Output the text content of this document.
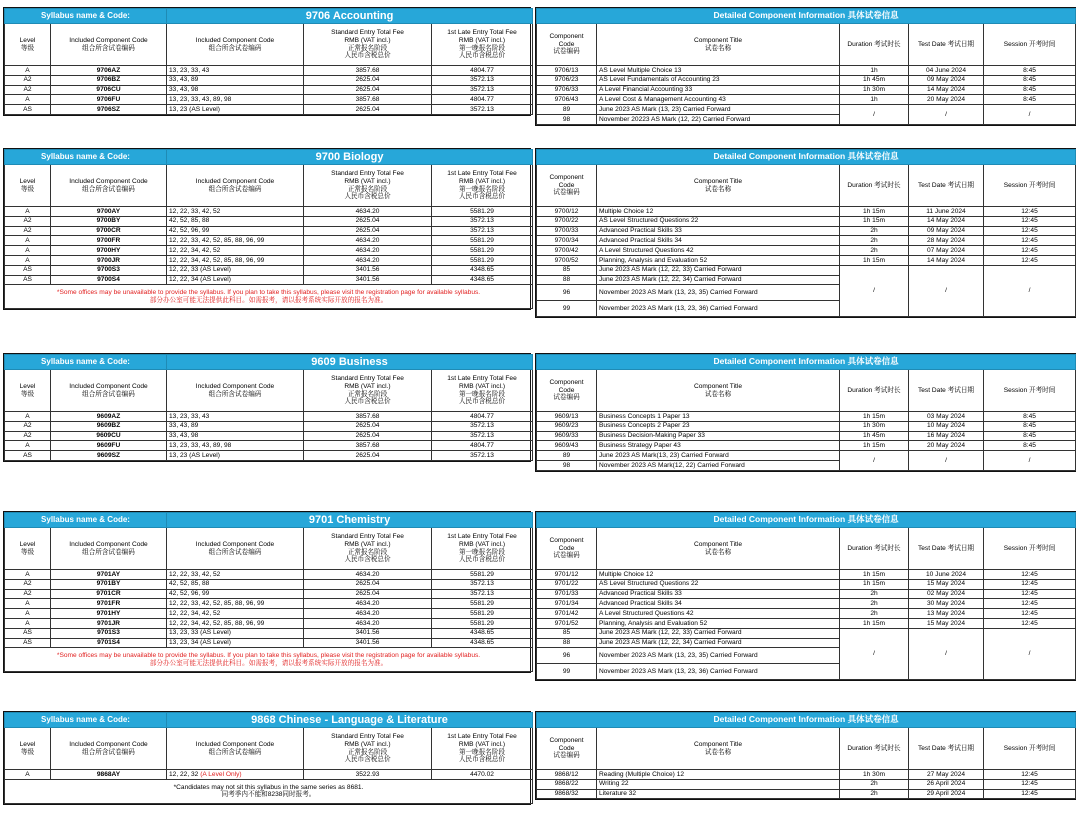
Syllabus name & Code:		9706 Accounting		
Level
等级	Included Component Code
组合所含试卷编码	Included Component Code
组合所含试卷编码	Standard Entry Total Fee
RMB (VAT incl.)
正常报名阶段
人民币含税总价	1st Late Entry Total Fee
RMB (VAT incl.)
第一晚报名阶段
人民币含税总价
A	9706AZ	13, 23, 33, 43	3857.68	4804.77
A2	9706BZ	33, 43, 89	2625.04	3572.13
A2	9706CU	33, 43, 98	2625.04	3572.13
A	9706FU	13, 23, 33, 43, 89, 98	3857.68	4804.77
AS	9706SZ	13, 23 (AS Level)	2625.04	3572.13
Detailed Component Information 具体试卷信息				
Component
Code
试卷编码	Component Title
试卷名称	Duration 考试时长	Test Date 考试日期	Session 开考时间
9706/13	AS Level Multiple Choice 13	1h	04 June 2024	8:45
9706/23	AS Level Fundamentals of Accounting 23	1h 45m	09 May 2024	8:45
9706/33	A Level Financial Accounting 33	1h 30m	14 May 2024	8:45
9706/43	A Level Cost & Management Accounting 43	1h	20 May 2024	8:45
89	June 2023 AS Mark (13, 23) Carried Forward	/	/	/
98	November 20223 AS Mark (12, 22) Carried Forward			
Syllabus name & Code:		9700 Biology		
Level
等级	Included Component Code
组合所含试卷编码	Included Component Code
组合所含试卷编码	Standard Entry Total Fee
RMB (VAT incl.)
正常报名阶段
人民币含税总价	1st Late Entry Total Fee
RMB (VAT incl.)
第一晚报名阶段
人民币含税总价
A	9700AY	12, 22, 33, 42, 52	4634.20	5581.29
A2	9700BY	42, 52, 85, 88	2625.04	3572.13
A2	9700CR	42, 52, 96, 99	2625.04	3572.13
A	9700FR	12, 22, 33, 42, 52, 85, 88, 96, 99	4634.20	5581.29
A	9700HY	12, 22, 34, 42, 52	4634.20	5581.29
A	9700JR	12, 22, 34, 42, 52, 85, 88, 96, 99	4634.20	5581.29
AS	9700S3	12, 22, 33 (AS Level)	3401.56	4348.65
AS	9700S4	12, 22, 34 (AS Level)	3401.56	4348.65
*Some offices may be unavailable to provide the syllabus. If you plan to take this syllabus, please visit the registration page for available syllabus.
部分办公室可能无法提供此科目。如需报考，请以报考系统实际开放的报名为准。				
Detailed Component Information 具体试卷信息				
Component
Code
试卷编码	Component Title
试卷名称	Duration 考试时长	Test Date 考试日期	Session 开考时间
9700/12	Multiple Choice 12	1h 15m	11 June 2024	12:45
9700/22	AS Level Structured Questions 22	1h 15m	14 May 2024	12:45
9700/33	Advanced Practical Skills 33	2h	09 May 2024	12:45
9700/34	Advanced Practical Skills 34	2h	28 May 2024	12:45
9700/42	A Level Structured Questions 42	2h	07 May 2024	12:45
9700/52	Planning, Analysis and Evaluation 52	1h 15m	14 May 2024	12:45
85	June 2023 AS Mark (12, 22, 33) Carried Forward	/	/	/
88	June 2023 AS Mark (12, 22, 34) Carried Forward			
96	November 2023 AS Mark (13, 23, 35) Carried Forward			
99	November 2023 AS Mark (13, 23, 36) Carried Forward			
Syllabus name & Code:		9609 Business		
Level
等级	Included Component Code
组合所含试卷编码	Included Component Code
组合所含试卷编码	Standard Entry Total Fee
RMB (VAT incl.)
正常报名阶段
人民币含税总价	1st Late Entry Total Fee
RMB (VAT incl.)
第一晚报名阶段
人民币含税总价
A	9609AZ	13, 23, 33, 43	3857.68	4804.77
A2	9609BZ	33, 43, 89	2625.04	3572.13
A2	9609CU	33, 43, 98	2625.04	3572.13
A	9609FU	13, 23, 33, 43, 89, 98	3857.68	4804.77
AS	9609SZ	13, 23 (AS Level)	2625.04	3572.13
Detailed Component Information 具体试卷信息				
Component
Code
试卷编码	Component Title
试卷名称	Duration 考试时长	Test Date 考试日期	Session 开考时间
9609/13	Business Concepts 1 Paper 13	1h 15m	03 May 2024	8:45
9609/23	Business Concepts 2 Paper 23	1h 30m	10 May 2024	8:45
9609/33	Business Decision-Making Paper 33	1h 45m	16 May 2024	8:45
9609/43	Business Strategy Paper 43	1h 15m	20 May 2024	8:45
89	June 2023 AS Mark(13, 23) Carried Forward	/	/	/
98	November 2023 AS Mark(12, 22) Carried Forward			
Syllabus name & Code:		9701 Chemistry		
Level
等级	Included Component Code
组合所含试卷编码	Included Component Code
组合所含试卷编码	Standard Entry Total Fee
RMB (VAT incl.)
正常报名阶段
人民币含税总价	1st Late Entry Total Fee
RMB (VAT incl.)
第一晚报名阶段
人民币含税总价
A	9701AY	12, 22, 33, 42, 52	4634.20	5581.29
A2	9701BY	42, 52, 85, 88	2625.04	3572.13
A2	9701CR	42, 52, 96, 99	2625.04	3572.13
A	9701FR	12, 22, 33, 42, 52, 85, 88, 96, 99	4634.20	5581.29
A	9701HY	12, 22, 34, 42, 52	4634.20	5581.29
A	9701JR	12, 22, 34, 42, 52, 85, 88, 96, 99	4634.20	5581.29
AS	9701S3	13, 23, 33 (AS Level)	3401.56	4348.65
AS	9701S4	13, 23, 34 (AS Level)	3401.56	4348.65
*Some offices may be unavailable to provide the syllabus. If you plan to take this syllabus, please visit the registration page for available syllabus.
部分办公室可能无法提供此科目。如需报考，请以报考系统实际开放的报名为准。				
Detailed Component Information 具体试卷信息				
Component
Code
试卷编码	Component Title
试卷名称	Duration 考试时长	Test Date 考试日期	Session 开考时间
9701/12	Multiple Choice 12	1h 15m	10 June 2024	12:45
9701/22	AS Level Structured Questions 22	1h 15m	15 May 2024	12:45
9701/33	Advanced Practical Skills 33	2h	02 May 2024	12:45
9701/34	Advanced Practical Skills 34	2h	30 May 2024	12:45
9701/42	A Level Structured Questions 42	2h	13 May 2024	12:45
9701/52	Planning, Analysis and Evaluation 52	1h 15m	15 May 2024	12:45
85	June 2023 AS Mark (12, 22, 33) Carried Forward	/	/	/
88	June 2023 AS Mark (12, 22, 34) Carried Forward			
96	November 2023 AS Mark (13, 23, 35) Carried Forward			
99	November 2023 AS Mark (13, 23, 36) Carried Forward			
Syllabus name & Code:		9868 Chinese - Language & Literature		
Level
等级	Included Component Code
组合所含试卷编码	Included Component Code
组合所含试卷编码	Standard Entry Total Fee
RMB (VAT incl.)
正常报名阶段
人民币含税总价	1st Late Entry Total Fee
RMB (VAT incl.)
第一晚报名阶段
人民币含税总价
A	9868AY	12, 22, 32 (A Level Only)	3522.93	4470.02
*Candidates may not sit this syllabus in the same series as 8681.
同考季内不能和8238同时报考。				
Detailed Component Information 具体试卷信息				
Component
Code
试卷编码	Component Title
试卷名称	Duration 考试时长	Test Date 考试日期	Session 开考时间
9868/12	Reading (Multiple Choice) 12	1h 30m	27 May 2024	12:45
9868/22	Writing 22	2h	26 April 2024	12:45
9868/32	Literature 32	2h	29 April 2024	12:45
